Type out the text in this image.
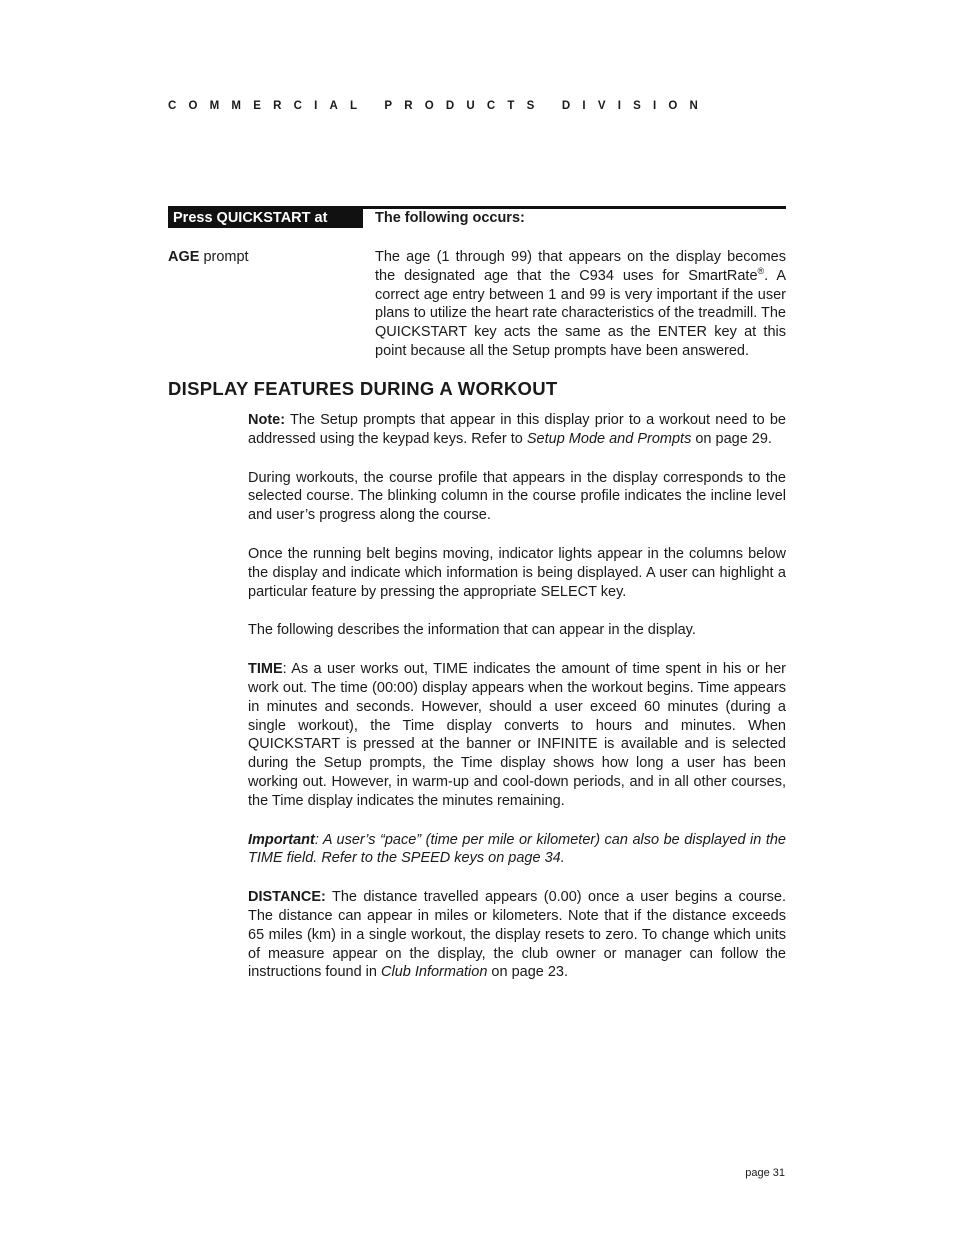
COMMERCIAL PRODUCTS DIVISION
Press QUICKSTART at	The following occurs:
AGE prompt	The age (1 through 99) that appears on the display becomes the designated age that the C934 uses for SmartRate®. A correct age entry between 1 and 99 is very important if the user plans to utilize the heart rate characteristics of the treadmill. The QUICKSTART key acts the same as the ENTER key at this point because all the Setup prompts have been answered.
DISPLAY FEATURES DURING A WORKOUT

Note: The Setup prompts that appear in this display prior to a workout need to be addressed using the keypad keys. Refer to Setup Mode and Prompts on page 29.

During workouts, the course profile that appears in the display corresponds to the selected course. The blinking column in the course profile indicates the incline level and user’s progress along the course.

Once the running belt begins moving, indicator lights appear in the columns below the display and indicate which information is being displayed. A user can highlight a particular feature by pressing the appropriate SELECT key.

The following describes the information that can appear in the display.

TIME: As a user works out, TIME indicates the amount of time spent in his or her work out. The time (00:00) display appears when the workout begins. Time appears in minutes and seconds. However, should a user exceed 60 minutes (during a single workout), the Time display converts to hours and minutes. When QUICKSTART is pressed at the banner or INFINITE is available and is selected during the Setup prompts, the Time display shows how long a user has been working out. However, in warm-up and cool-down periods, and in all other courses, the Time display indicates the minutes remaining.

Important: A user’s “pace” (time per mile or kilometer) can also be displayed in the TIME field. Refer to the SPEED keys on page 34.

DISTANCE: The distance travelled appears (0.00) once a user begins a course. The distance can appear in miles or kilometers. Note that if the distance exceeds 65 miles (km) in a single workout, the display resets to zero. To change which units of measure appear on the display, the club owner or manager can follow the instructions found in Club Information on page 23.

page 31
